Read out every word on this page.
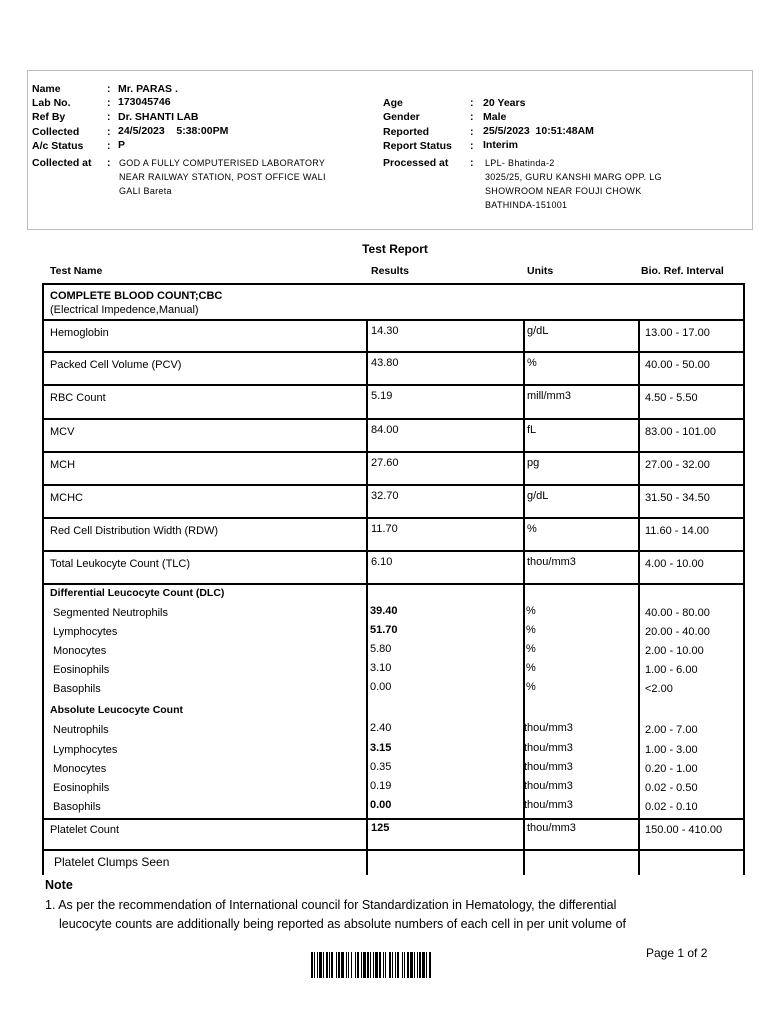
Name	: Mr. PARAS .
Lab No.	: 173045746
Ref By	: Dr. SHANTI LAB
Collected	: 24/5/2023    5:38:00PM
A/c Status : P
Collected at : GOD A FULLY COMPUTERISED LABORATORY
NEAR RAILWAY STATION, POST OFFICE WALI
GALI Bareta
Age	: 20 Years
Gender	: Male
Reported	: 25/5/2023  10:51:48AM
Report Status : Interim
Processed at : LPL- Bhatinda-2
3025/25, GURU KANSHI MARG OPP. LG
SHOWROOM NEAR FOUJI CHOWK
BATHINDA-151001
Test Report
Test Name	Results	Units	Bio. Ref. Interval
COMPLETE BLOOD COUNT;CBC
(Electrical Impedence,Manual)
Hemoglobin	14.30	g/dL	13.00 - 17.00
Packed Cell Volume (PCV)	43.80	%	40.00 - 50.00
RBC Count	5.19	mill/mm3	4.50 - 5.50
MCV	84.00	fL	83.00 - 101.00
MCH	27.60	pg	27.00 - 32.00
MCHC	32.70	g/dL	31.50 - 34.50
Red Cell Distribution Width (RDW)	11.70	%	11.60 - 14.00
Total Leukocyte Count (TLC)	6.10	thou/mm3	4.00 - 10.00
Differential Leucocyte Count (DLC)
Segmented Neutrophils	39.40	%	40.00 - 80.00
Lymphocytes	51.70	%	20.00 - 40.00
Monocytes	5.80	%	2.00 - 10.00
Eosinophils	3.10	%	1.00 - 6.00
Basophils	0.00	%	<2.00
Absolute Leucocyte Count
Neutrophils	2.40	thou/mm3	2.00 - 7.00
Lymphocytes	3.15	thou/mm3	1.00 - 3.00
Monocytes	0.35	thou/mm3	0.20 - 1.00
Eosinophils	0.19	thou/mm3	0.02 - 0.50
Basophils	0.00	thou/mm3	0.02 - 0.10
Platelet Count	125	thou/mm3	150.00 - 410.00
Platelet Clumps Seen
Note
1. As per the recommendation of International council for Standardization in Hematology, the differential
leucocyte counts are additionally being reported as absolute numbers of each cell in per unit volume of
Page 1 of 2
